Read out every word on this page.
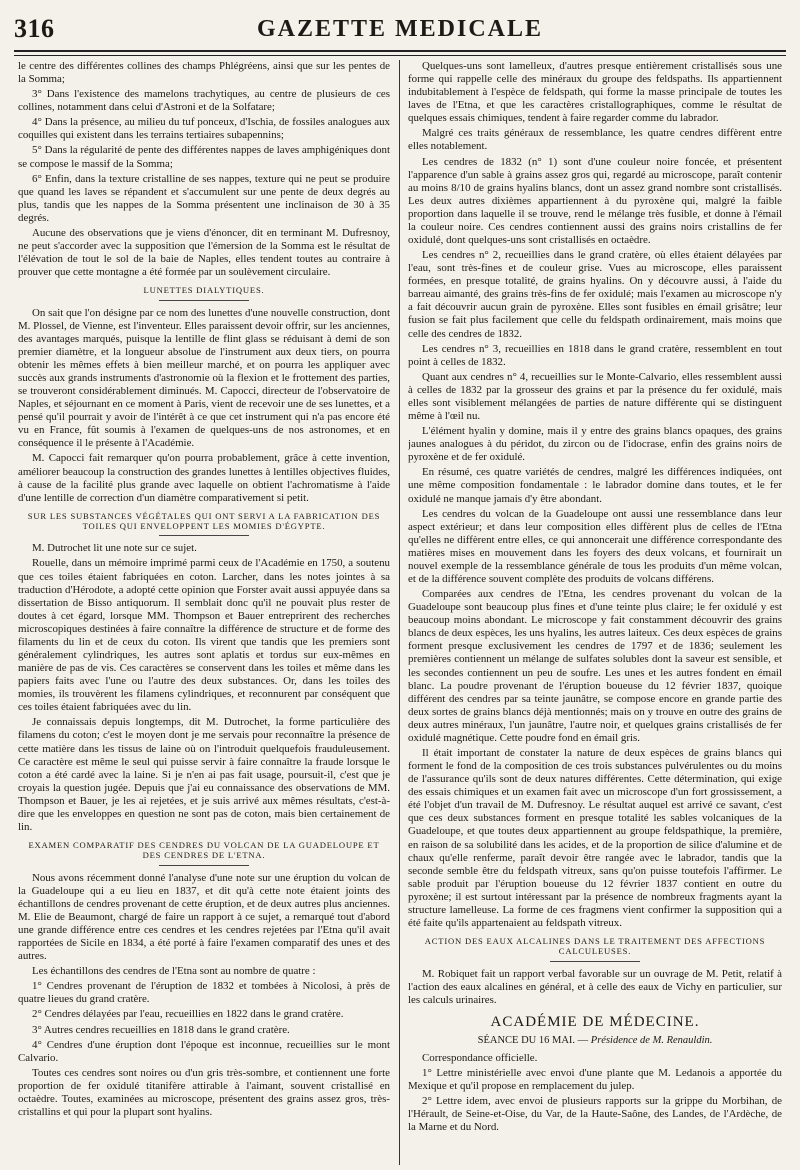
316	GAZETTE MEDICALE

le centre des différentes collines des champs Phlégréens, ainsi que sur les pentes de la Somma;

3° Dans l'existence des mamelons trachytiques, au centre de plusieurs de ces collines, notamment dans celui d'Astroni et de la Solfatare;

4° Dans la présence, au milieu du tuf ponceux, d'Ischia, de fossiles analogues aux coquilles qui existent dans les terrains tertiaires subapennins;

5° Dans la régularité de pente des différentes nappes de laves amphigéniques dont se compose le massif de la Somma;

6° Enfin, dans la texture cristalline de ses nappes, texture qui ne peut se produire que quand les laves se répandent et s'accumulent sur une pente de deux degrés au plus, tandis que les nappes de la Somma présentent une inclinaison de 30 à 35 degrés.

Aucune des observations que je viens d'énoncer, dit en terminant M. Dufresnoy, ne peut s'accorder avec la supposition que l'émersion de la Somma est le résultat de l'élévation de tout le sol de la baie de Naples, elles tendent toutes au contraire à prouver que cette montagne a été formée par un soulèvement circulaire.

LUNETTES DIALYTIQUES.

On sait que l'on désigne par ce nom des lunettes d'une nouvelle construction, dont M. Plossel, de Vienne, est l'inventeur. Elles paraissent devoir offrir, sur les anciennes, des avantages marqués, puisque la lentille de flint glass se réduisant à demi de son premier diamètre, et la longueur absolue de l'instrument aux deux tiers, on pourra obtenir les mêmes effets à bien meilleur marché, et on pourra les appliquer avec succès aux grands instruments d'astronomie où la flexion et le frottement des parties, se trouveront considérablement diminués. M. Capocci, directeur de l'observatoire de Naples, et séjournant en ce moment à Paris, vient de recevoir une de ses lunettes, et a pensé qu'il pourrait y avoir de l'intérêt à ce que cet instrument qui n'a pas encore été vu en France, fût soumis à l'examen de quelques-uns de nos astronomes, et en conséquence il le présente à l'Académie.

M. Capocci fait remarquer qu'on pourra probablement, grâce à cette invention, améliorer beaucoup la construction des grandes lunettes à lentilles objectives fluides, à cause de la facilité plus grande avec laquelle on obtient l'achromatisme à l'aide d'une lentille de correction d'un diamètre comparativement si petit.

SUR LES SUBSTANCES VÉGÉTALES QUI ONT SERVI A LA FABRICATION DES TOILES QUI ENVELOPPENT LES MOMIES D'ÉGYPTE.

M. Dutrochet lit une note sur ce sujet.

Rouelle, dans un mémoire imprimé parmi ceux de l'Académie en 1750, a soutenu que ces toiles étaient fabriquées en coton. Larcher, dans les notes jointes à sa traduction d'Hérodote, a adopté cette opinion que Forster avait aussi appuyée dans sa dissertation de Bisso antiquorum. Il semblait donc qu'il ne pouvait plus rester de doutes à cet égard, lorsque MM. Thompson et Bauer entreprirent des recherches microscopiques destinées à faire connaître la différence de structure et de forme des filaments du lin et de ceux du coton. Ils virent que tandis que les premiers sont généralement cylindriques, les autres sont aplatis et tordus sur eux-mêmes en manière de pas de vis. Ces caractères se conservent dans les toiles et même dans les papiers faits avec l'une ou l'autre des deux substances. Or, dans les toiles des momies, ils trouvèrent les filamens cylindriques, et reconnurent par conséquent que ces toiles étaient fabriquées avec du lin.

Je connaissais depuis longtemps, dit M. Dutrochet, la forme particulière des filamens du coton; c'est le moyen dont je me servais pour reconnaître la présence de cette matière dans les tissus de laine où on l'introduit quelquefois frauduleusement. Ce caractère est même le seul qui puisse servir à faire connaître la fraude lorsque le coton a été cardé avec la laine. Si je n'en ai pas fait usage, poursuit-il, c'est que je croyais la question jugée. Depuis que j'ai eu connaissance des observations de MM. Thompson et Bauer, je les ai rejetées, et je suis arrivé aux mêmes résultats, c'est-à-dire que les enveloppes en question ne sont pas de coton, mais bien certainement de lin.

EXAMEN COMPARATIF DES CENDRES DU VOLCAN DE LA GUADELOUPE ET DES CENDRES DE L'ETNA.

Nous avons récemment donné l'analyse d'une note sur une éruption du volcan de la Guadeloupe qui a eu lieu en 1837, et dit qu'à cette note étaient joints des échantillons de cendres provenant de cette éruption, et de deux autres plus anciennes. M. Elie de Beaumont, chargé de faire un rapport à ce sujet, a remarqué tout d'abord une grande différence entre ces cendres et les cendres rejetées par l'Etna qu'il avait rapportées de Sicile en 1834, a été porté à faire l'examen comparatif des unes et des autres.

Les échantillons des cendres de l'Etna sont au nombre de quatre :

1° Cendres provenant de l'éruption de 1832 et tombées à Nicolosi, à près de quatre lieues du grand cratère.

2° Cendres délayées par l'eau, recueillies en 1822 dans le grand cratère.

3° Autres cendres recueillies en 1818 dans le grand cratère.

4° Cendres d'une éruption dont l'époque est inconnue, recueillies sur le mont Calvario.

Toutes ces cendres sont noires ou d'un gris très-sombre, et contiennent une forte proportion de fer oxidulé titanifère attirable à l'aimant, souvent cristallisé en octaèdre. Toutes, examinées au microscope, présentent des grains assez gros, très-cristallins et qui pour la plupart sont hyalins.

Quelques-uns sont lamelleux, d'autres presque entièrement cristallisés sous une forme qui rappelle celle des minéraux du groupe des feldspaths. Ils appartiennent indubitablement à l'espèce de feldspath, qui forme la masse principale de toutes les laves de l'Etna, et que les caractères cristallographiques, comme le résultat de quelques essais chimiques, tendent à faire regarder comme du labrador.

Malgré ces traits généraux de ressemblance, les quatre cendres diffèrent entre elles notablement.

Les cendres de 1832 (n° 1) sont d'une couleur noire foncée, et présentent l'apparence d'un sable à grains assez gros qui, regardé au microscope, paraît contenir au moins 8/10 de grains hyalins blancs, dont un assez grand nombre sont cristallisés. Les deux autres dixièmes appartiennent à du pyroxène qui, malgré la faible proportion dans laquelle il se trouve, rend le mélange très fusible, et donne à l'émail la couleur noire. Ces cendres contiennent aussi des grains noirs cristallins de fer oxidulé, dont quelques-uns sont cristallisés en octaèdre.

Les cendres n° 2, recueillies dans le grand cratère, où elles étaient délayées par l'eau, sont très-fines et de couleur grise. Vues au microscope, elles paraissent formées, en presque totalité, de grains hyalins. On y découvre aussi, à l'aide du barreau aimanté, des grains très-fins de fer oxidulé; mais l'examen au microscope n'y a fait découvrir aucun grain de pyroxène. Elles sont fusibles en émail grisâtre; leur fusion se fait plus facilement que celle du feldspath ordinairement, mais moins que celle des cendres de 1832.

Les cendres n° 3, recueillies en 1818 dans le grand cratère, ressemblent en tout point à celles de 1832.

Quant aux cendres n° 4, recueillies sur le Monte-Calvario, elles ressemblent aussi à celles de 1832 par la grosseur des grains et par la présence du fer oxidulé, mais elles sont visiblement mélangées de parties de nature différente qui se distinguent même à l'œil nu.

L'élément hyalin y domine, mais il y entre des grains blancs opaques, des grains jaunes analogues à du péridot, du zircon ou de l'idocrase, enfin des grains noirs de pyroxène et de fer oxidulé.

En résumé, ces quatre variétés de cendres, malgré les différences indiquées, ont une même composition fondamentale : le labrador domine dans toutes, et le fer oxidulé ne manque jamais d'y être abondant.

Les cendres du volcan de la Guadeloupe ont aussi une ressemblance dans leur aspect extérieur; et dans leur composition elles diffèrent plus de celles de l'Etna qu'elles ne diffèrent entre elles, ce qui annoncerait une différence correspondante des matières mises en mouvement dans les foyers des deux volcans, et fournirait un nouvel exemple de la ressemblance générale de tous les produits d'un même volcan, et de la différence souvent complète des produits de volcans différens.

Comparées aux cendres de l'Etna, les cendres provenant du volcan de la Guadeloupe sont beaucoup plus fines et d'une teinte plus claire; le fer oxidulé y est beaucoup moins abondant. Le microscope y fait constamment découvrir des grains blancs de deux espèces, les uns hyalins, les autres laiteux. Ces deux espèces de grains forment presque exclusivement les cendres de 1797 et de 1836; seulement les premières contiennent un mélange de sulfates solubles dont la saveur est sensible, et les secondes contiennent un peu de soufre. Les unes et les autres fondent en émail blanc. La poudre provenant de l'éruption boueuse du 12 février 1837, quoique différent des cendres par sa teinte jaunâtre, se compose encore en grande partie des deux sortes de grains blancs déjà mentionnés; mais on y trouve en outre des grains de deux autres minéraux, l'un jaunâtre, l'autre noir, et quelques grains cristallisés de fer oxidulé magnétique. Cette poudre fond en émail gris.

Il était important de constater la nature de deux espèces de grains blancs qui forment le fond de la composition de ces trois substances pulvérulentes ou du moins de l'assurance qu'ils sont de deux natures différentes. Cette détermination, qui exige des essais chimiques et un examen fait avec un microscope d'un fort grossissement, a été l'objet d'un travail de M. Dufresnoy. Le résultat auquel est arrivé ce savant, c'est que ces deux substances forment en presque totalité les sables volcaniques de la Guadeloupe, et que toutes deux appartiennent au groupe feldspathique, la première, en raison de sa solubilité dans les acides, et de la proportion de silice d'alumine et de chaux qu'elle renferme, paraît devoir être rangée avec le labrador, tandis que la seconde semble être du feldspath vitreux, sans qu'on puisse toutefois l'affirmer. Le sable produit par l'éruption boueuse du 12 février 1837 contient en outre du pyroxène; il est surtout intéressant par la présence de nombreux fragments ayant la structure lamelleuse. La forme de ces fragmens vient confirmer la supposition qui a été faite qu'ils appartenaient au feldspath vitreux.

ACTION DES EAUX ALCALINES DANS LE TRAITEMENT DES AFFECTIONS CALCULEUSES.

M. Robiquet fait un rapport verbal favorable sur un ouvrage de M. Petit, relatif à l'action des eaux alcalines en général, et à celle des eaux de Vichy en particulier, sur les calculs urinaires.

ACADÉMIE DE MÉDECINE.
SÉANCE DU 16 MAI. — Présidence de M. Renauldin.

Correspondance officielle.

1° Lettre ministérielle avec envoi d'une plante que M. Ledanois a apportée du Mexique et qu'il propose en remplacement du julep.

2° Lettre idem, avec envoi de plusieurs rapports sur la grippe du Morbihan, de l'Hérault, de Seine-et-Oise, du Var, de la Haute-Saône, des Landes, de l'Ardèche, de la Marne et du Nord.
